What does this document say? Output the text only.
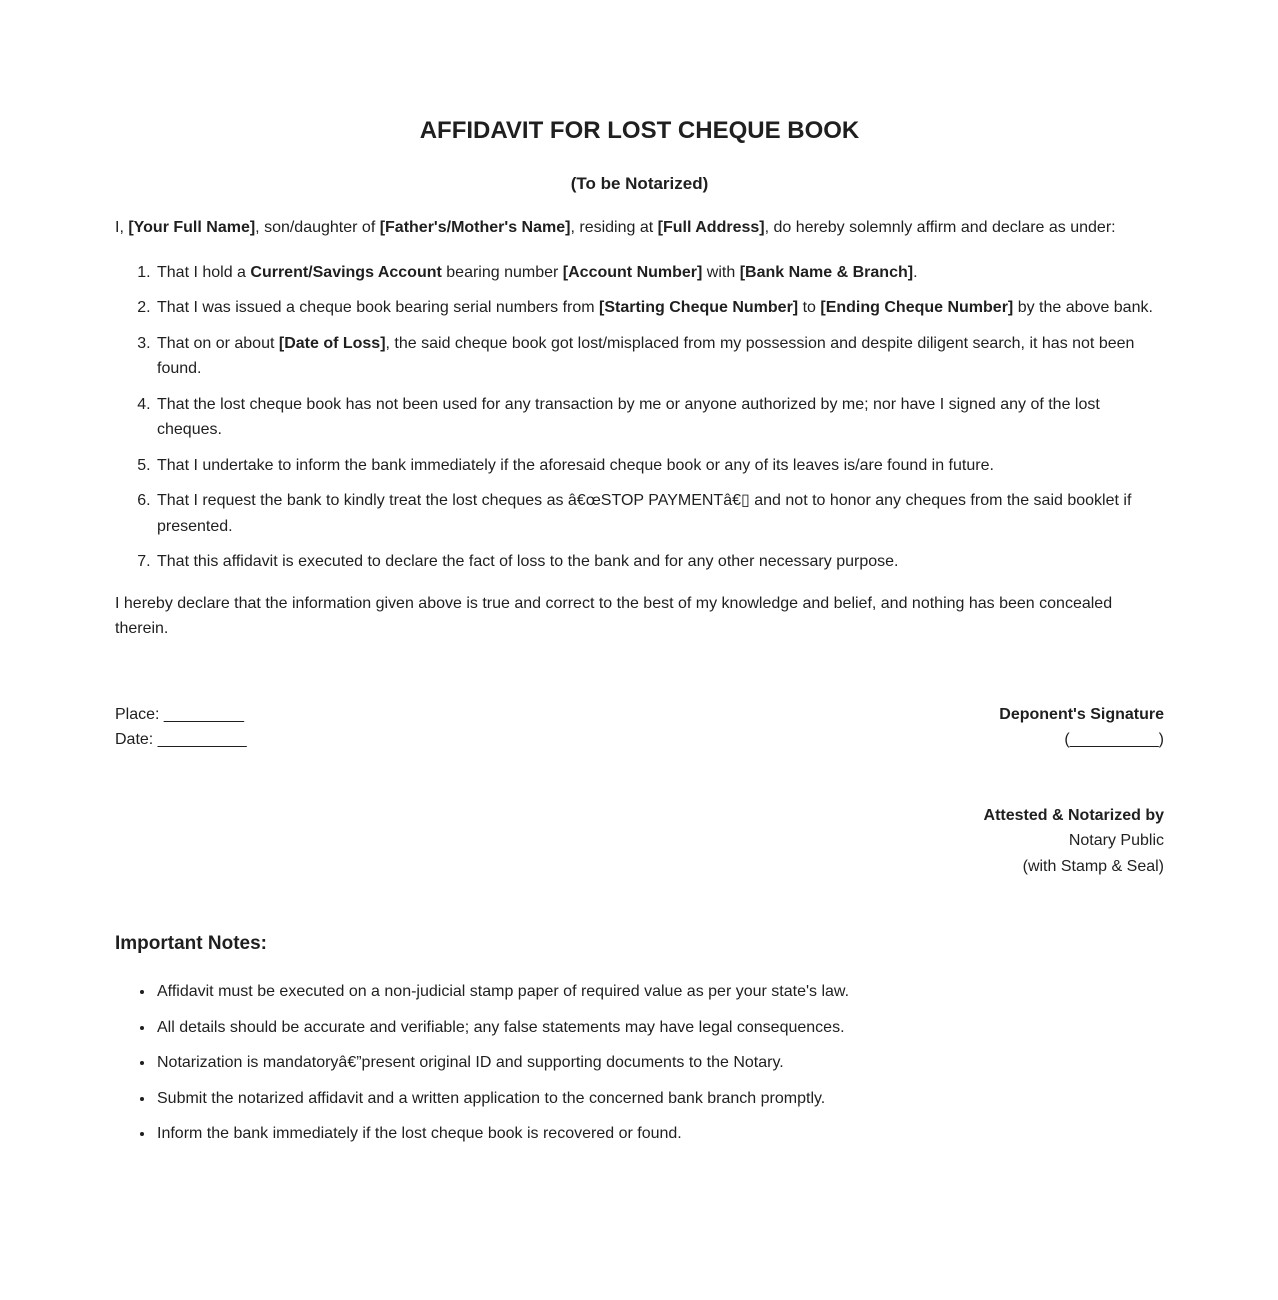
AFFIDAVIT FOR LOST CHEQUE BOOK
(To be Notarized)

I, [Your Full Name], son/daughter of [Father's/Mother's Name], residing at [Full Address], do hereby solemnly affirm and declare as under:

1. That I hold a Current/Savings Account bearing number [Account Number] with [Bank Name & Branch].
2. That I was issued a cheque book bearing serial numbers from [Starting Cheque Number] to [Ending Cheque Number] by the above bank.
3. That on or about [Date of Loss], the said cheque book got lost/misplaced from my possession and despite diligent search, it has not been found.
4. That the lost cheque book has not been used for any transaction by me or anyone authorized by me; nor have I signed any of the lost cheques.
5. That I undertake to inform the bank immediately if the aforesaid cheque book or any of its leaves is/are found in future.
6. That I request the bank to kindly treat the lost cheques as â€œSTOP PAYMENTâ€▯ and not to honor any cheques from the said booklet if presented.
7. That this affidavit is executed to declare the fact of loss to the bank and for any other necessary purpose.

I hereby declare that the information given above is true and correct to the best of my knowledge and belief, and nothing has been concealed therein.

Place: _________
Date: __________
Deponent's Signature
(__________)
Attested & Notarized by
Notary Public
(with Stamp & Seal)
Important Notes:
• Affidavit must be executed on a non-judicial stamp paper of required value as per your state's law.
• All details should be accurate and verifiable; any false statements may have legal consequences.
• Notarization is mandatoryâ€”present original ID and supporting documents to the Notary.
• Submit the notarized affidavit and a written application to the concerned bank branch promptly.
• Inform the bank immediately if the lost cheque book is recovered or found.
